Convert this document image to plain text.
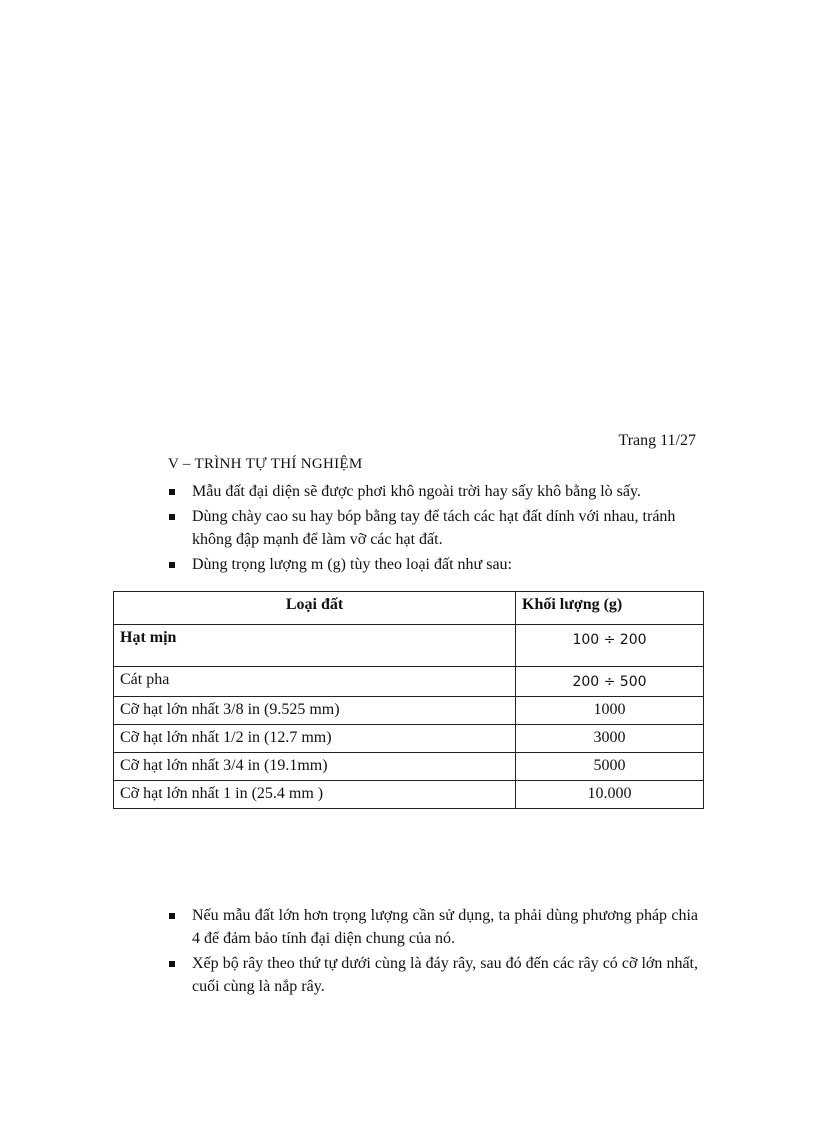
Trang 11/27
V – TRÌNH TỰ THÍ NGHIỆM
Mẫu đất đại diện sẽ được phơi khô ngoài trời hay sấy khô bằng lò sấy.
Dùng chày cao su hay bóp bằng tay để tách các hạt đất dính với nhau, tránh không đập mạnh để làm vỡ các hạt đất.
Dùng trọng lượng m (g) tùy theo loại đất như sau:
Loại đất	Khối lượng (g)
Hạt mịn	100 ÷ 200
Cát pha	200 ÷ 500
Cỡ hạt lớn nhất 3/8 in (9.525 mm)	1000
Cỡ hạt lớn nhất 1/2 in (12.7 mm)	3000
Cỡ hạt lớn nhất 3/4 in (19.1mm)	5000
Cỡ hạt lớn nhất 1 in (25.4 mm )	10.000
Nếu mẫu đất lớn hơn trọng lượng cần sử dụng, ta phải dùng phương pháp chia 4 để đảm bảo tính đại diện chung của nó.
Xếp bộ rây theo thứ tự dưới cùng là đáy rây, sau đó đến các rây có cỡ lớn nhất, cuối cùng là nắp rây.
